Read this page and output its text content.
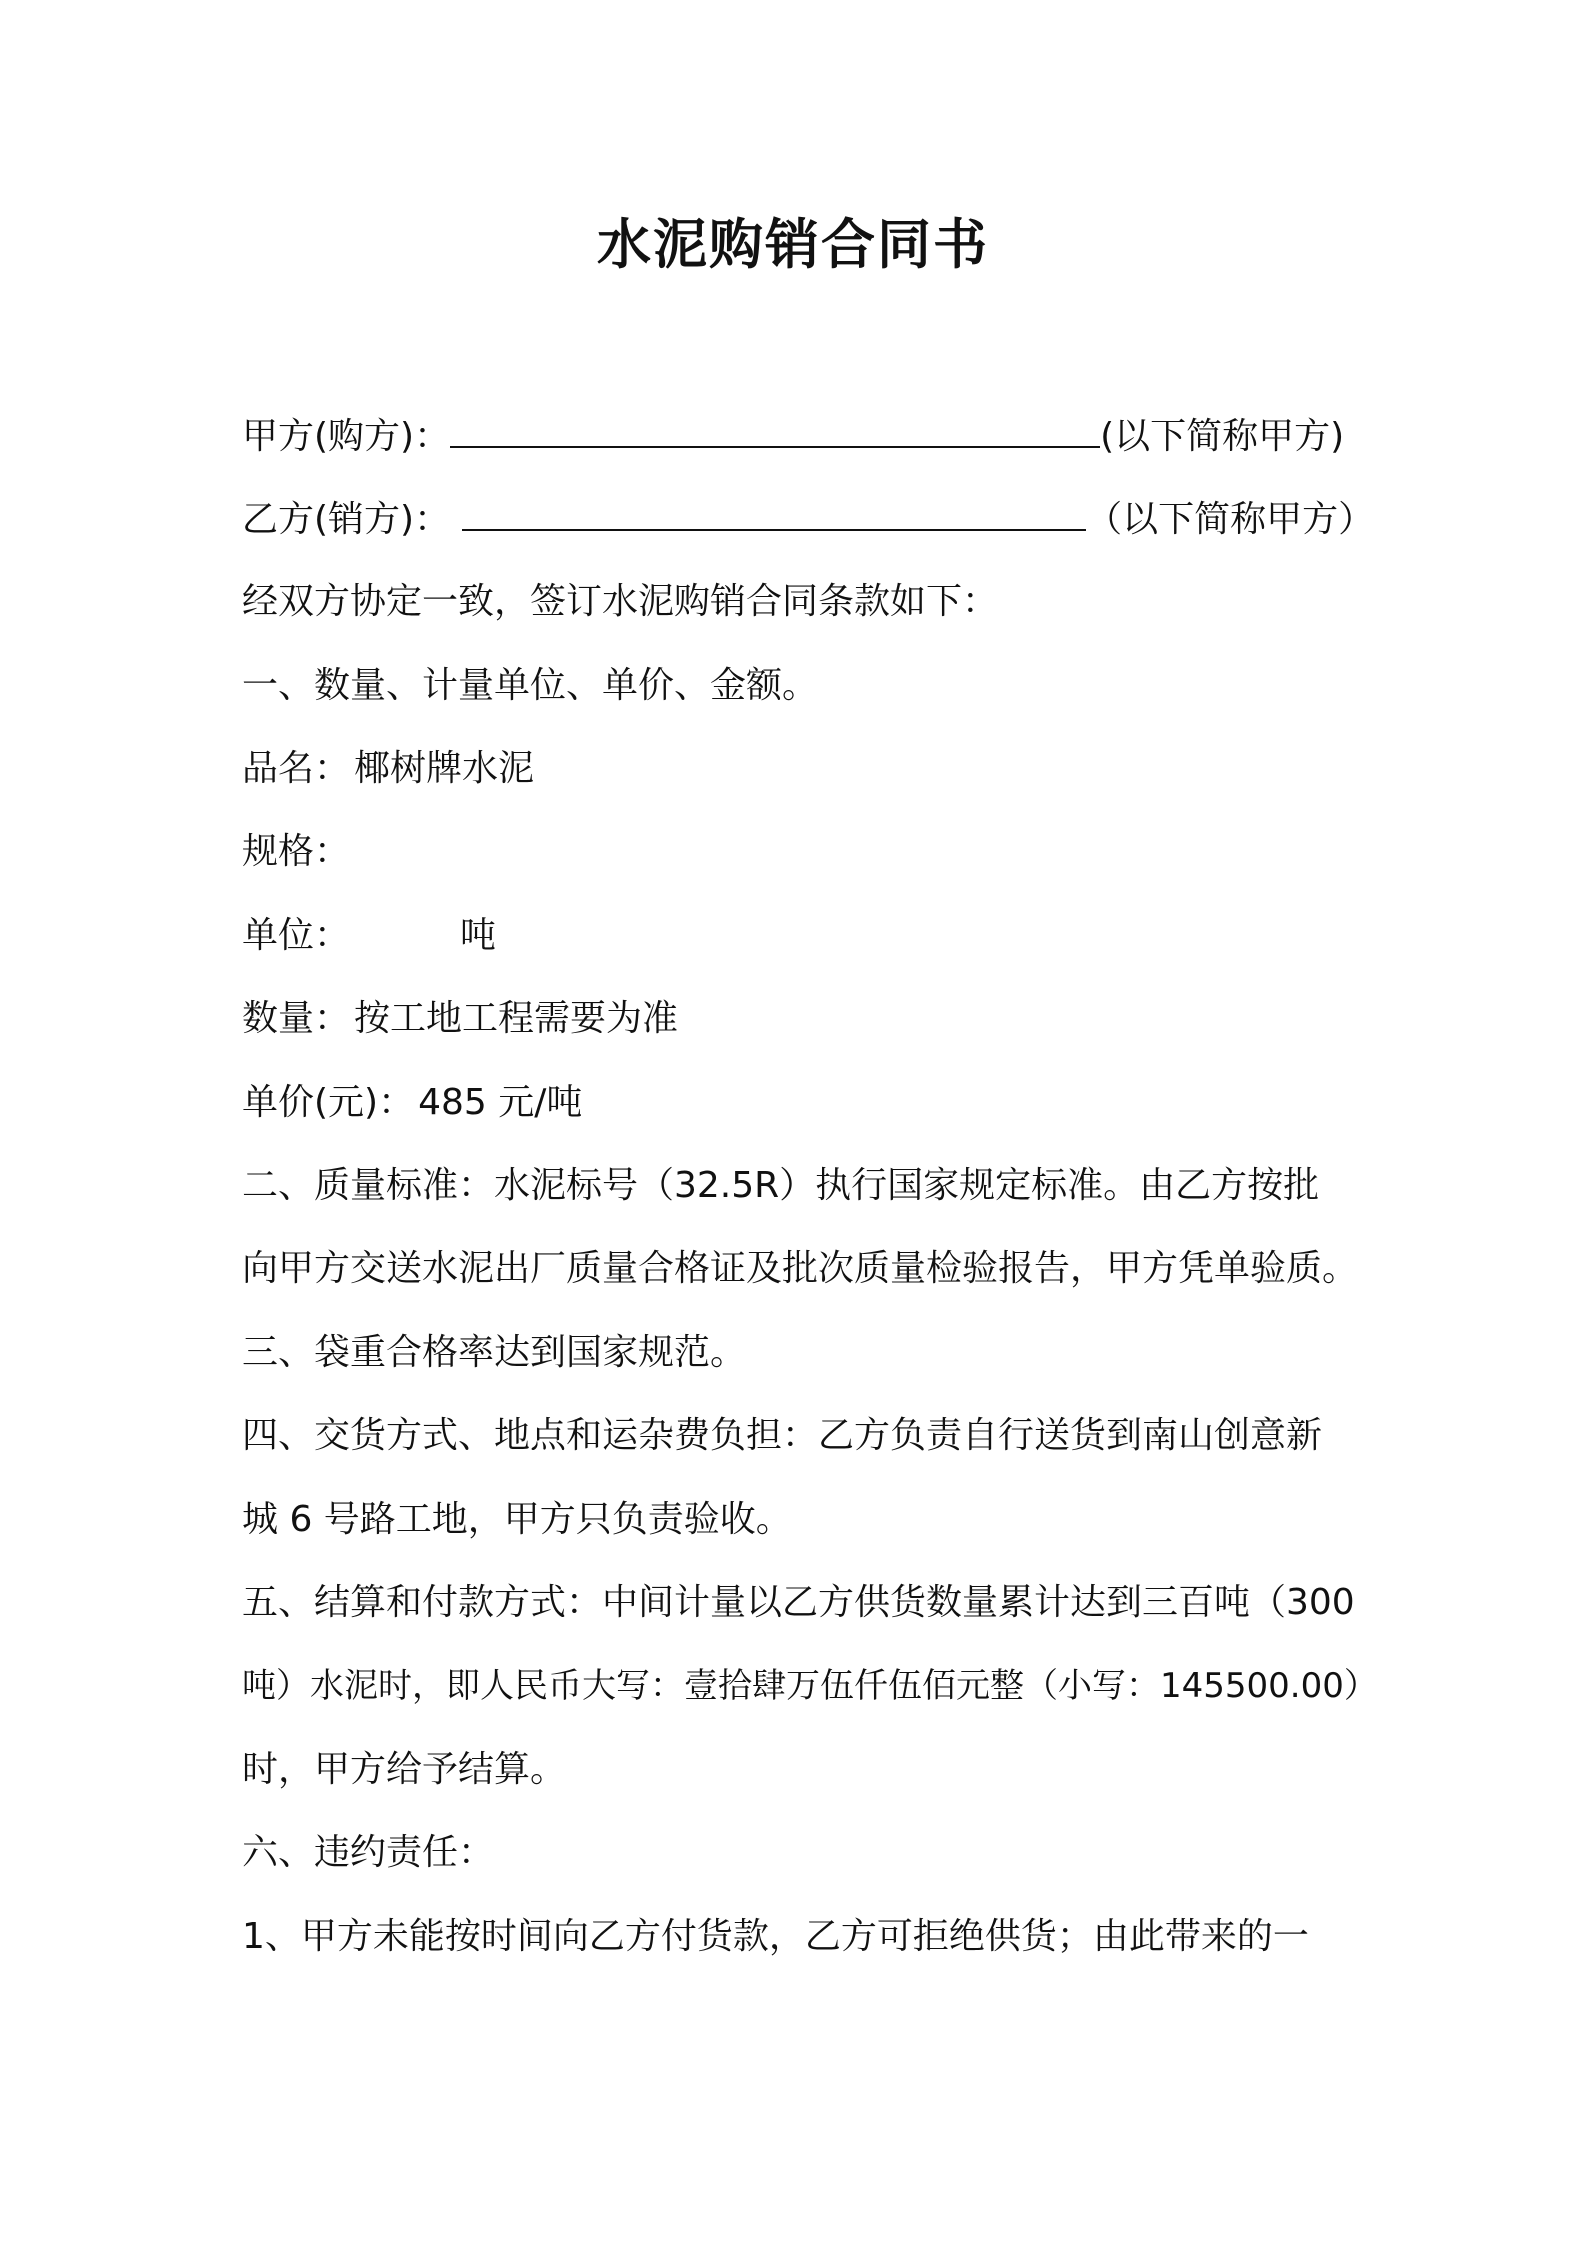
水泥购销合同书
甲方(购方)：	(以下简称甲方)
乙方(销方)：	（以下简称甲方）
经双方协定一致，签订水泥购销合同条款如下：
一、数量、计量单位、单价、金额。
品名： 椰树牌水泥
规格：
单位：	吨
数量： 按工地工程需要为准
单价(元)： 485 元/吨
二、质量标准：水泥标号（32.5R）执行国家规定标准。由乙方按批
向甲方交送水泥出厂质量合格证及批次质量检验报告，甲方凭单验质。
三、袋重合格率达到国家规范。
四、交货方式、地点和运杂费负担：乙方负责自行送货到南山创意新
城 6 号路工地，甲方只负责验收。
五、结算和付款方式：中间计量以乙方供货数量累计达到三百吨（300
吨）水泥时，即人民币大写：壹拾肆万伍仟伍佰元整（小写：145500.00）
时，甲方给予结算。
六、违约责任：
1、甲方未能按时间向乙方付货款，乙方可拒绝供货；由此带来的一
